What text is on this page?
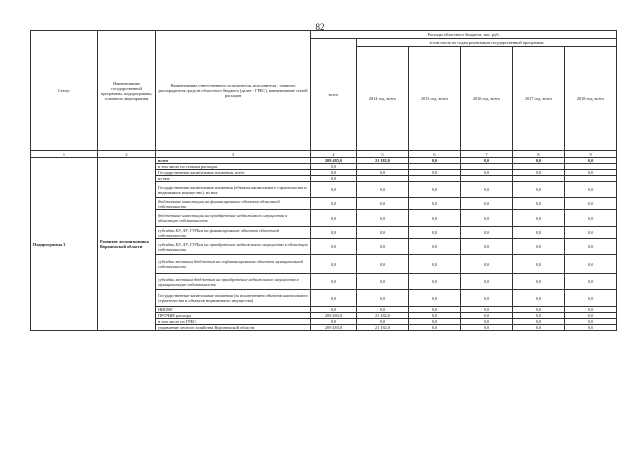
82
Статус	Наименование государственной программы, подпрограммы, основного мероприятия	Наименование ответственного исполнителя, исполнителя - главного распорядителя средств областного бюджета (далее - ГРБС), наименование статей расходов	Расходы областного бюджета, тыс. руб.					
			всего	в том числе по годам реализации государственной программы				
				2014 год, всего	2015 год, всего	2016 год, всего	2017 год, всего	2018 год, всего
1	2	3	4	5	6	7	8	9
Подпрограмма 3	Развитие лесопитомника Воронежской области	всего	209 483,0	21 182,0	0,0	0,0	0,0	0,0
		в том числе по статьям расходов	0,0					
		Государственные капитальные вложения, всего	0,0	0,0	0,0	0,0	0,0	0,0
		из них	0,0					
		Государственные капитальные вложения (объекты капитального строительства и недвижимое имущество), из них	0,0	0,0	0,0	0,0	0,0	0,0
		бюджетные инвестиции на финансирование объектов областной собственности	0,0	0,0	0,0	0,0	0,0	0,0
		бюджетные инвестиции на приобретение недвижимого имущества в областную собственность	0,0	0,0	0,0	0,0	0,0	0,0
		субсидии БУ, АУ, ГУПам на финансирование объектов областной собственности	0,0	0,0	0,0	0,0	0,0	0,0
		субсидии БУ, АУ, ГУПам на приобретение недвижимого имущества в областную собственность	0,0	0,0	0,0	0,0	0,0	0,0
		субсидии местным бюджетам на софинансирование объектов муниципальной собственности	0,0	0,0	0,0	0,0	0,0	0,0
		субсидии местным бюджетам на приобретение недвижимого имущества в муниципальную собственность	0,0	0,0	0,0	0,0	0,0	0,0
		Государственные капитальные вложения (за исключением объектов капитального строительства и объектов недвижимого имущества)	0,0	0,0	0,0	0,0	0,0	0,0
		НИОКР	0,0	0,0	0,0	0,0	0,0	0,0
		ПРОЧИЕ расходы	209 483,0	21 182,0	0,0	0,0	0,0	0,0
		в том числе по ГРБС:	0,0	0,0	0,0	0,0	0,0	0,0
		управление лесного хозяйства Воронежской области	209 483,0	21 182,0	0,0	0,0	0,0	0,0
